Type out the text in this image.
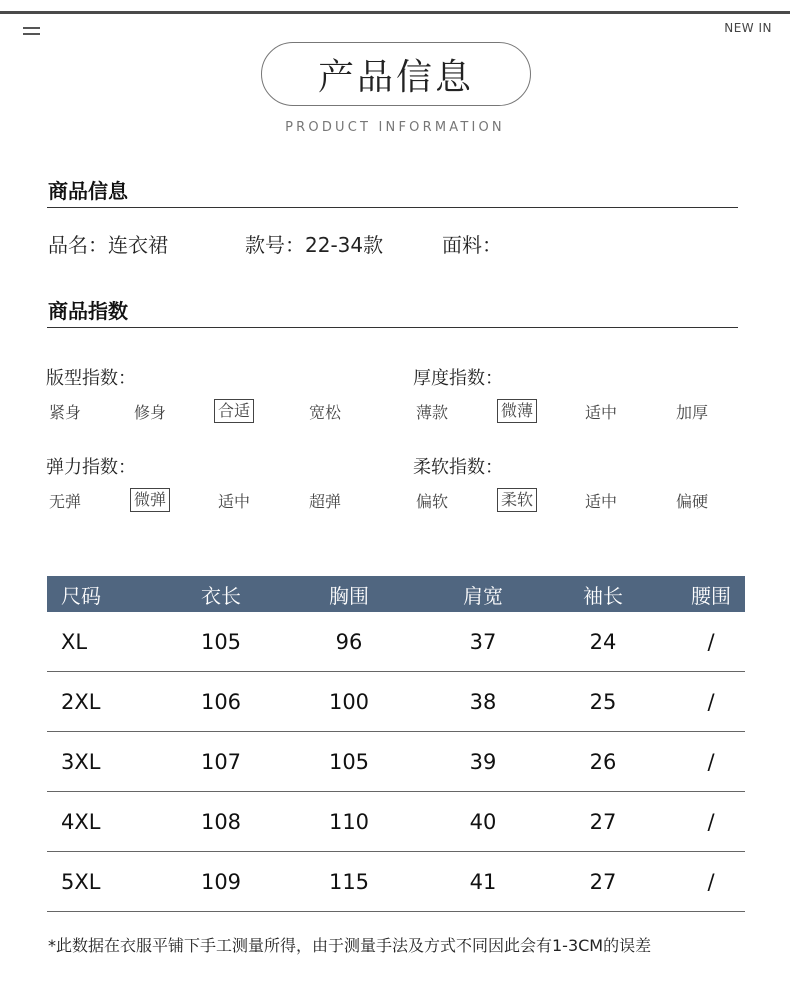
NEW IN
产品信息
PRODUCT INFORMATION
商品信息
品名：连衣裙	款号：22-34款	面料：
商品指数
版型指数：
紧身	修身	合适	宽松
厚度指数：
薄款	微薄	适中	加厚
弹力指数：
无弹	微弹	适中	超弹
柔软指数：
偏软	柔软	适中	偏硬
尺码	衣长	胸围	肩宽	袖长	腰围
XL	105	96	37	24	/
2XL	106	100	38	25	/
3XL	107	105	39	26	/
4XL	108	110	40	27	/
5XL	109	115	41	27	/
*此数据在衣服平铺下手工测量所得，由于测量手法及方式不同因此会有1-3CM的误差
